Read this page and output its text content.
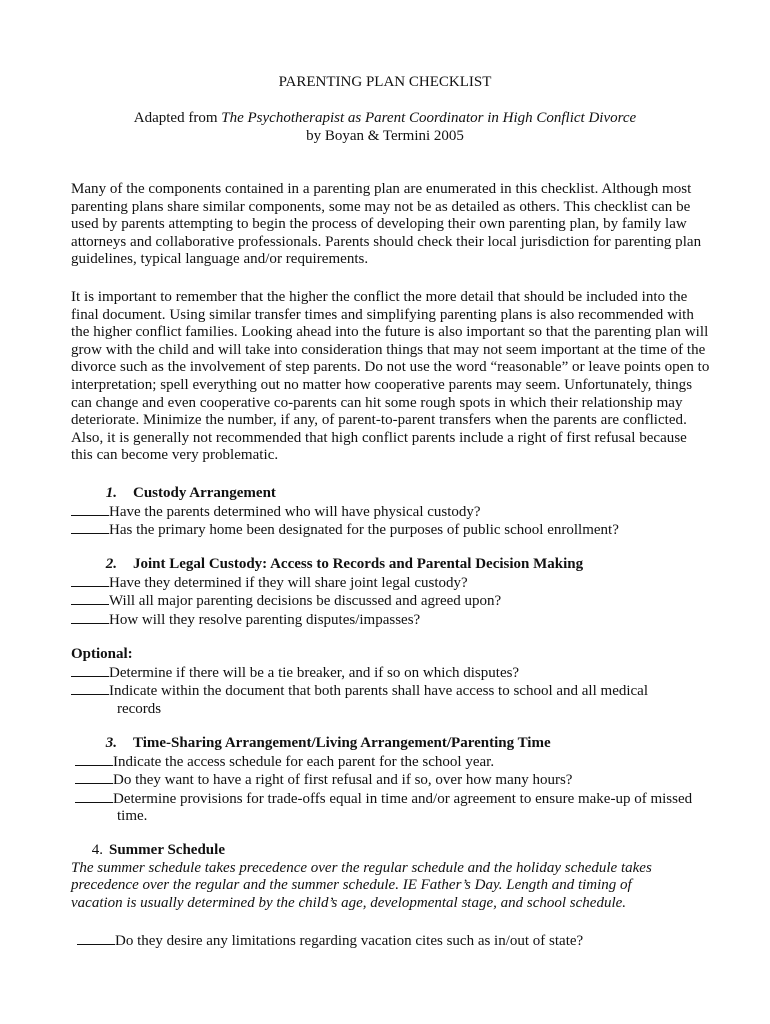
PARENTING PLAN CHECKLIST
Adapted from The Psychotherapist as Parent Coordinator in High Conflict Divorce
by Boyan & Termini 2005
Many of the components contained in a parenting plan are enumerated in this checklist. Although most parenting plans share similar components, some may not be as detailed as others. This checklist can be used by parents attempting to begin the process of developing their own parenting plan, by family law attorneys and collaborative professionals. Parents should check their local jurisdiction for parenting plan guidelines, typical language and/or requirements.
It is important to remember that the higher the conflict the more detail that should be included into the final document. Using similar transfer times and simplifying parenting plans is also recommended with the higher conflict families. Looking ahead into the future is also important so that the parenting plan will grow with the child and will take into consideration things that may not seem important at the time of the divorce such as the involvement of step parents. Do not use the word “reasonable” or leave points open to interpretation; spell everything out no matter how cooperative parents may seem. Unfortunately, things can change and even cooperative co-parents can hit some rough spots in which their relationship may deteriorate. Minimize the number, if any, of parent-to-parent transfers when the parents are conflicted. Also, it is generally not recommended that high conflict parents include a right of first refusal because this can become very problematic.
1. Custody Arrangement
Have the parents determined who will have physical custody?
Has the primary home been designated for the purposes of public school enrollment?
2. Joint Legal Custody: Access to Records and Parental Decision Making
Have they determined if they will share joint legal custody?
Will all major parenting decisions be discussed and agreed upon?
How will they resolve parenting disputes/impasses?
Optional:
Determine if there will be a tie breaker, and if so on which disputes?
Indicate within the document that both parents shall have access to school and all medical
records
3. Time-Sharing Arrangement/Living Arrangement/Parenting Time
Indicate the access schedule for each parent for the school year.
Do they want to have a right of first refusal and if so, over how many hours?
Determine provisions for trade-offs equal in time and/or agreement to ensure make-up of missed
time.
4. Summer Schedule
The summer schedule takes precedence over the regular schedule and the holiday schedule takes precedence over the regular and the summer schedule. IE Father’s Day. Length and timing of vacation is usually determined by the child’s age, developmental stage, and school schedule.
Do they desire any limitations regarding vacation cites such as in/out of state?
